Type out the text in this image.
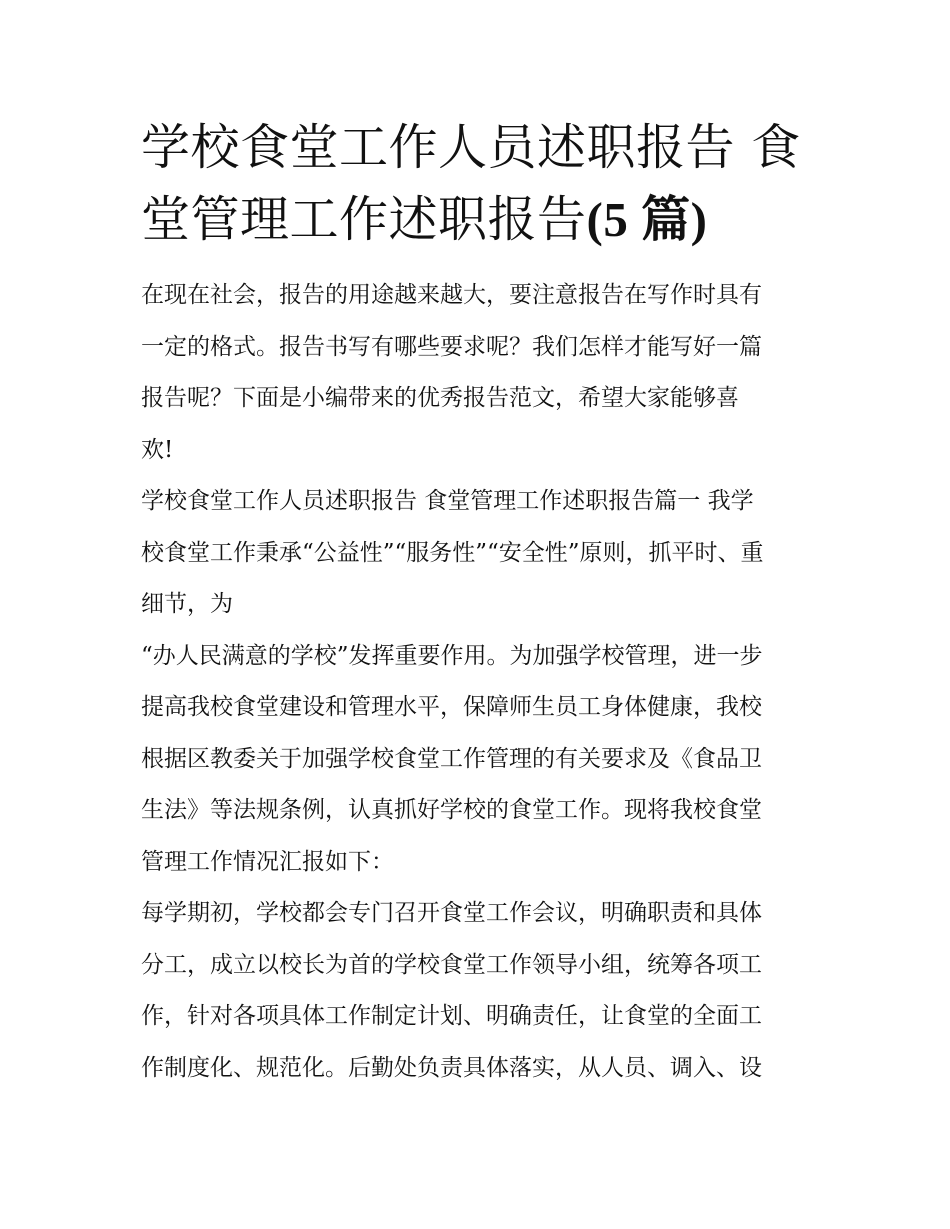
学校食堂工作人员述职报告 食
堂管理工作述职报告(5 篇)

在现在社会，报告的用途越来越大，要注意报告在写作时具有
一定的格式。报告书写有哪些要求呢？我们怎样才能写好一篇
报告呢？下面是小编带来的优秀报告范文，希望大家能够喜
欢!

学校食堂工作人员述职报告 食堂管理工作述职报告篇一 我学
校食堂工作秉承“公益性”“服务性”“安全性”原则，抓平时、重
细节，为

“办人民满意的学校”发挥重要作用。为加强学校管理，进一步
提高我校食堂建设和管理水平，保障师生员工身体健康，我校
根据区教委关于加强学校食堂工作管理的有关要求及《食品卫
生法》等法规条例，认真抓好学校的食堂工作。现将我校食堂
管理工作情况汇报如下：

每学期初，学校都会专门召开食堂工作会议，明确职责和具体
分工，成立以校长为首的学校食堂工作领导小组，统筹各项工
作，针对各项具体工作制定计划、明确责任，让食堂的全面工
作制度化、规范化。后勤处负责具体落实，从人员、调入、设
